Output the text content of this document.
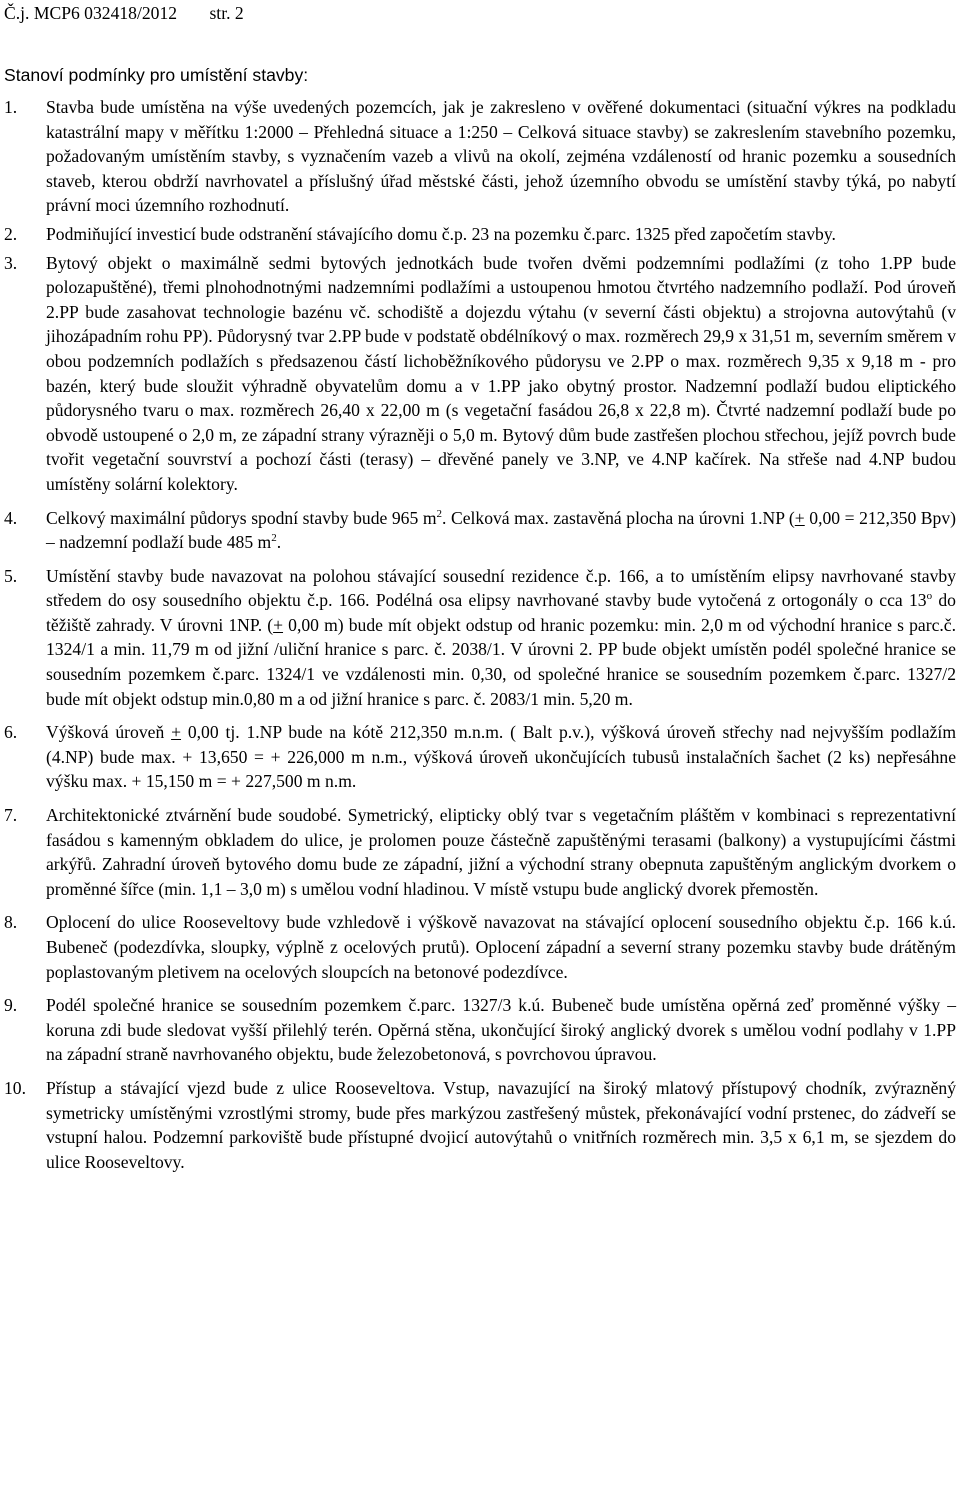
Č.j. MCP6 032418/2012 str. 2
Stanoví podmínky pro umístění stavby:
1.	Stavba bude umístěna na výše uvedených pozemcích, jak je zakresleno v ověřené dokumentaci (situační výkres na podkladu katastrální mapy v měřítku 1:2000 – Přehledná situace a 1:250 – Celková situace stavby) se zakreslením stavebního pozemku, požadovaným umístěním stavby, s vyznačením vazeb a vlivů na okolí, zejména vzdáleností od hranic pozemku a sousedních staveb, kterou obdrží navrhovatel a příslušný úřad městské části, jehož územního obvodu se umístění stavby týká, po nabytí právní moci územního rozhodnutí.
2.	Podmiňující investicí bude odstranění stávajícího domu č.p. 23 na pozemku č.parc. 1325 před započetím stavby.
3.	Bytový objekt o maximálně sedmi bytových jednotkách bude tvořen dvěmi podzemními podlažími (z toho 1.PP bude polozapuštěné), třemi plnohodnotnými nadzemními podlažími a ustoupenou hmotou čtvrtého nadzemního podlaží. Pod úroveň 2.PP bude zasahovat technologie bazénu vč. schodiště a dojezdu výtahu (v severní části objektu) a strojovna autovýtahů (v jihozápadním rohu PP). Půdorysný tvar 2.PP bude v podstatě obdélníkový o max. rozměrech 29,9 x 31,51 m, severním směrem v obou podzemních podlažích s předsazenou částí lichoběžníkového půdorysu ve 2.PP o max. rozměrech 9,35 x 9,18 m - pro bazén, který bude sloužit výhradně obyvatelům domu a v 1.PP jako obytný prostor. Nadzemní podlaží budou eliptického půdorysného tvaru o max. rozměrech 26,40 x 22,00 m (s vegetační fasádou 26,8 x 22,8 m). Čtvrté nadzemní podlaží bude po obvodě ustoupené o 2,0 m, ze západní strany výrazněji o 5,0 m. Bytový dům bude zastřešen plochou střechou, jejíž povrch bude tvořit vegetační souvrství a pochozí části (terasy) – dřevěné panely ve 3.NP, ve 4.NP kačírek. Na střeše nad 4.NP budou umístěny solární kolektory.
4.	Celkový maximální půdorys spodní stavby bude 965 $m^2$. Celková max. zastavěná plocha na úrovni 1.NP (+ 0,00 = 212,350 Bpv) – nadzemní podlaží bude 485 $m^2$.
5.	Umístění stavby bude navazovat na polohou stávající sousední rezidence č.p. 166, a to umístěním elipsy navrhované stavby středem do osy sousedního objektu č.p. 166. Podélná osa elipsy navrhované stavby bude vytočená z ortogonály o cca 13$^o$ do těžiště zahrady. V úrovni 1NP. (+ 0,00 m) bude mít objekt odstup od hranic pozemku: min. 2,0 m od východní hranice s parc.č. 1324/1 a min. 11,79 m od jižní /uliční hranice s parc. č. 2038/1. V úrovni 2. PP bude objekt umístěn podél společné hranice se sousedním pozemkem č.parc. 1324/1 ve vzdálenosti min. 0,30, od společné hranice se sousedním pozemkem č.parc. 1327/2 bude mít objekt odstup min.0,80 m a od jižní hranice s parc. č. 2083/1 min. 5,20 m.
6.	Výšková úroveň + 0,00 tj. 1.NP bude na kótě 212,350 m.n.m. ( Balt p.v.), výšková úroveň střechy nad nejvyšším podlažím (4.NP) bude max. + 13,650 = + 226,000 m n.m., výšková úroveň ukončujících tubusů instalačních šachet (2 ks) nepřesáhne výšku max. + 15,150 m = + 227,500 m n.m.
7.	Architektonické ztvárnění bude soudobé. Symetrický, elipticky oblý tvar s vegetačním pláštěm v kombinaci s reprezentativní fasádou s kamenným obkladem do ulice, je prolomen pouze částečně zapuštěnými terasami (balkony) a vystupujícími částmi arkýřů. Zahradní úroveň bytového domu bude ze západní, jižní a východní strany obepnuta zapuštěným anglickým dvorkem o proměnné šířce (min. 1,1 – 3,0 m) s umělou vodní hladinou. V místě vstupu bude anglický dvorek přemostěn.
8.	Oplocení do ulice Rooseveltovy bude vzhledově i výškově navazovat na stávající oplocení sousedního objektu č.p. 166 k.ú. Bubeneč (podezdívka, sloupky, výplně z ocelových prutů). Oplocení západní a severní strany pozemku stavby bude drátěným poplastovaným pletivem na ocelových sloupcích na betonové podezdívce.
9.	Podél společné hranice se sousedním pozemkem č.parc. 1327/3 k.ú. Bubeneč bude umístěna opěrná zeď proměnné výšky – koruna zdi bude sledovat vyšší přilehlý terén. Opěrná stěna, ukončující široký anglický dvorek s umělou vodní podlahy v 1.PP na západní straně navrhovaného objektu, bude železobetonová, s povrchovou úpravou.
10.	Přístup a stávající vjezd bude z ulice Rooseveltova. Vstup, navazující na široký mlatový přístupový chodník, zvýrazněný symetricky umístěnými vzrostlými stromy, bude přes markýzou zastřešený můstek, překonávající vodní prstenec, do zádveří se vstupní halou. Podzemní parkoviště bude přístupné dvojicí autovýtahů o vnitřních rozměrech min. 3,5 x 6,1 m, se sjezdem do ulice Rooseveltovy.
